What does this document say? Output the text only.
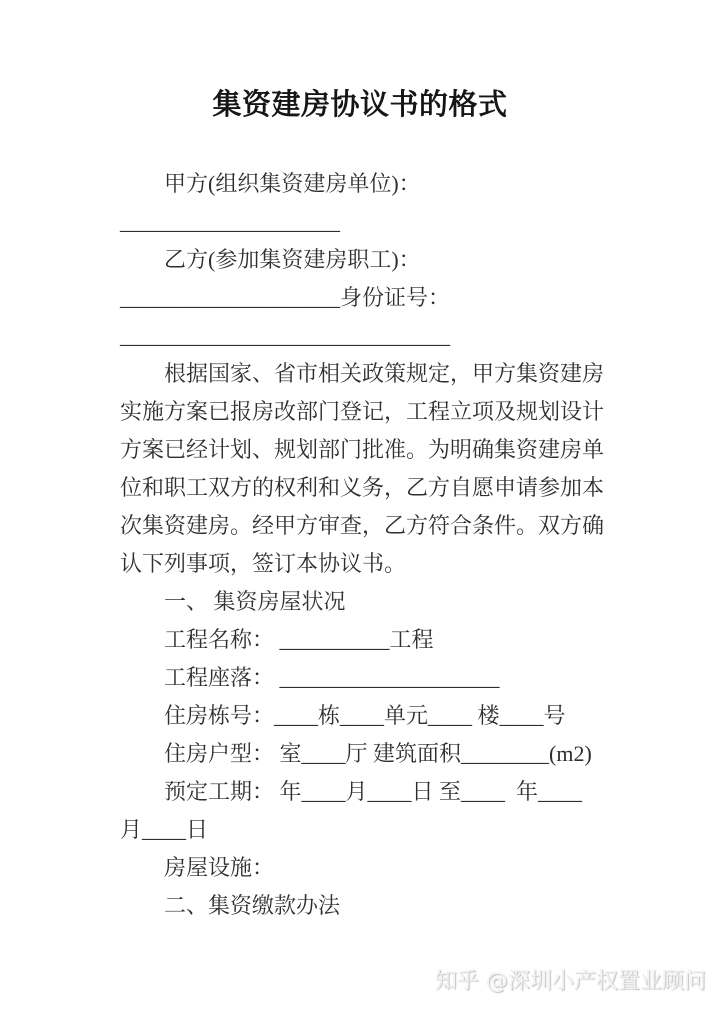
集资建房协议书的格式
甲方(组织集资建房单位)：
____________________
乙方(参加集资建房职工)：
____________________身份证号：
______________________________
根据国家、省市相关政策规定，甲方集资建房
实施方案已报房改部门登记，工程立项及规划设计
方案已经计划、规划部门批准。为明确集资建房单
位和职工双方的权利和义务，乙方自愿申请参加本
次集资建房。经甲方审查，乙方符合条件。双方确
认下列事项，签订本协议书。
一、 集资房屋状况
工程名称： __________工程
工程座落： ____________________
住房栋号：____栋____单元____ 楼____号
住房户型： 室____厅 建筑面积________(m2)
预定工期： 年____月____日 至____  年____
月____日
房屋设施：
二、集资缴款办法
知乎 @深圳小产权置业顾问
